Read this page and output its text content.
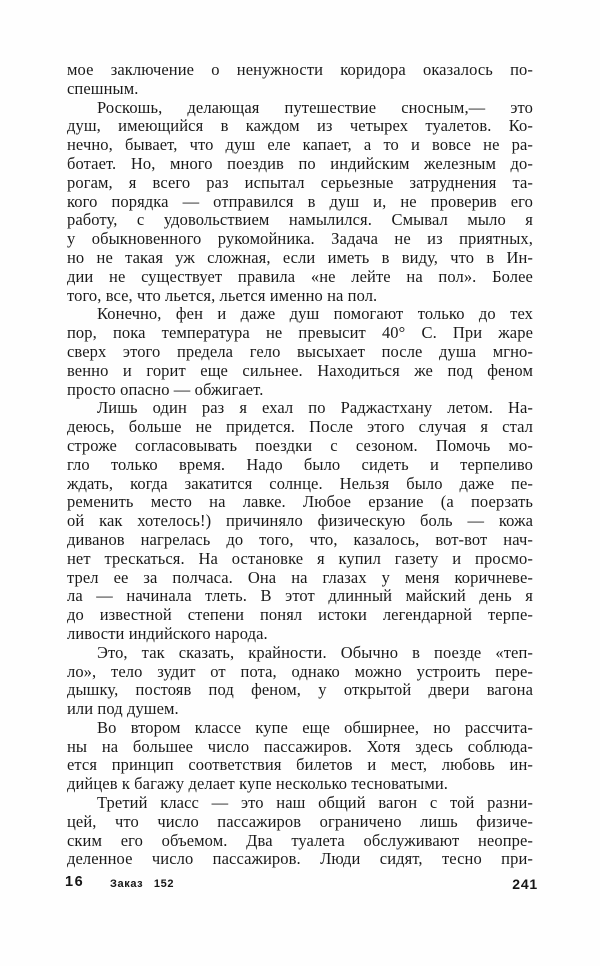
мое заключение о ненужности коридора оказалось по-
спешным.
Роскошь, делающая путешествие сносным,— это
душ, имеющийся в каждом из четырех туалетов. Ко-
нечно, бывает, что душ еле капает, а то и вовсе не ра-
ботает. Но, много поездив по индийским железным до-
рогам, я всего раз испытал серьезные затруднения та-
кого порядка — отправился в душ и, не проверив его
работу, с удовольствием намылился. Смывал мыло я
у обыкновенного рукомойника. Задача не из приятных,
но не такая уж сложная, если иметь в виду, что в Ин-
дии не существует правила «не лейте на пол». Более
того, все, что льется, льется именно на пол.
Конечно, фен и даже душ помогают только до тех
пор, пока температура не превысит 40° С. При жаре
сверх этого предела гело высыхает после душа мгно-
венно и горит еще сильнее. Находиться же под феном
просто опасно — обжигает.
Лишь один раз я ехал по Раджастхану летом. На-
деюсь, больше не придется. После этого случая я стал
строже согласовывать поездки с сезоном. Помочь мо-
гло только время. Надо было сидеть и терпеливо
ждать, когда закатится солнце. Нельзя было даже пе-
ременить место на лавке. Любое ерзание (а поерзать
ой как хотелось!) причиняло физическую боль — кожа
диванов нагрелась до того, что, казалось, вот-вот нач-
нет трескаться. На остановке я купил газету и просмо-
трел ее за полчаса. Она на глазах у меня коричневе-
ла — начинала тлеть. В этот длинный майский день я
до известной степени понял истоки легендарной терпе-
ливости индийского народа.
Это, так сказать, крайности. Обычно в поезде «теп-
ло», тело зудит от пота, однако можно устроить пере-
дышку, постояв под феном, у открытой двери вагона
или под душем.
Во втором классе купе еще обширнее, но рассчита-
ны на большее число пассажиров. Хотя здесь соблюда-
ется принцип соответствия билетов и мест, любовь ин-
дийцев к багажу делает купе несколько тесноватыми.
Третий класс — это наш общий вагон с той разни-
цей, что число пассажиров ограничено лишь физиче-
ским его объемом. Два туалета обслуживают неопре-
деленное число пассажиров. Люди сидят, тесно при-
16 Заказ 152	241
